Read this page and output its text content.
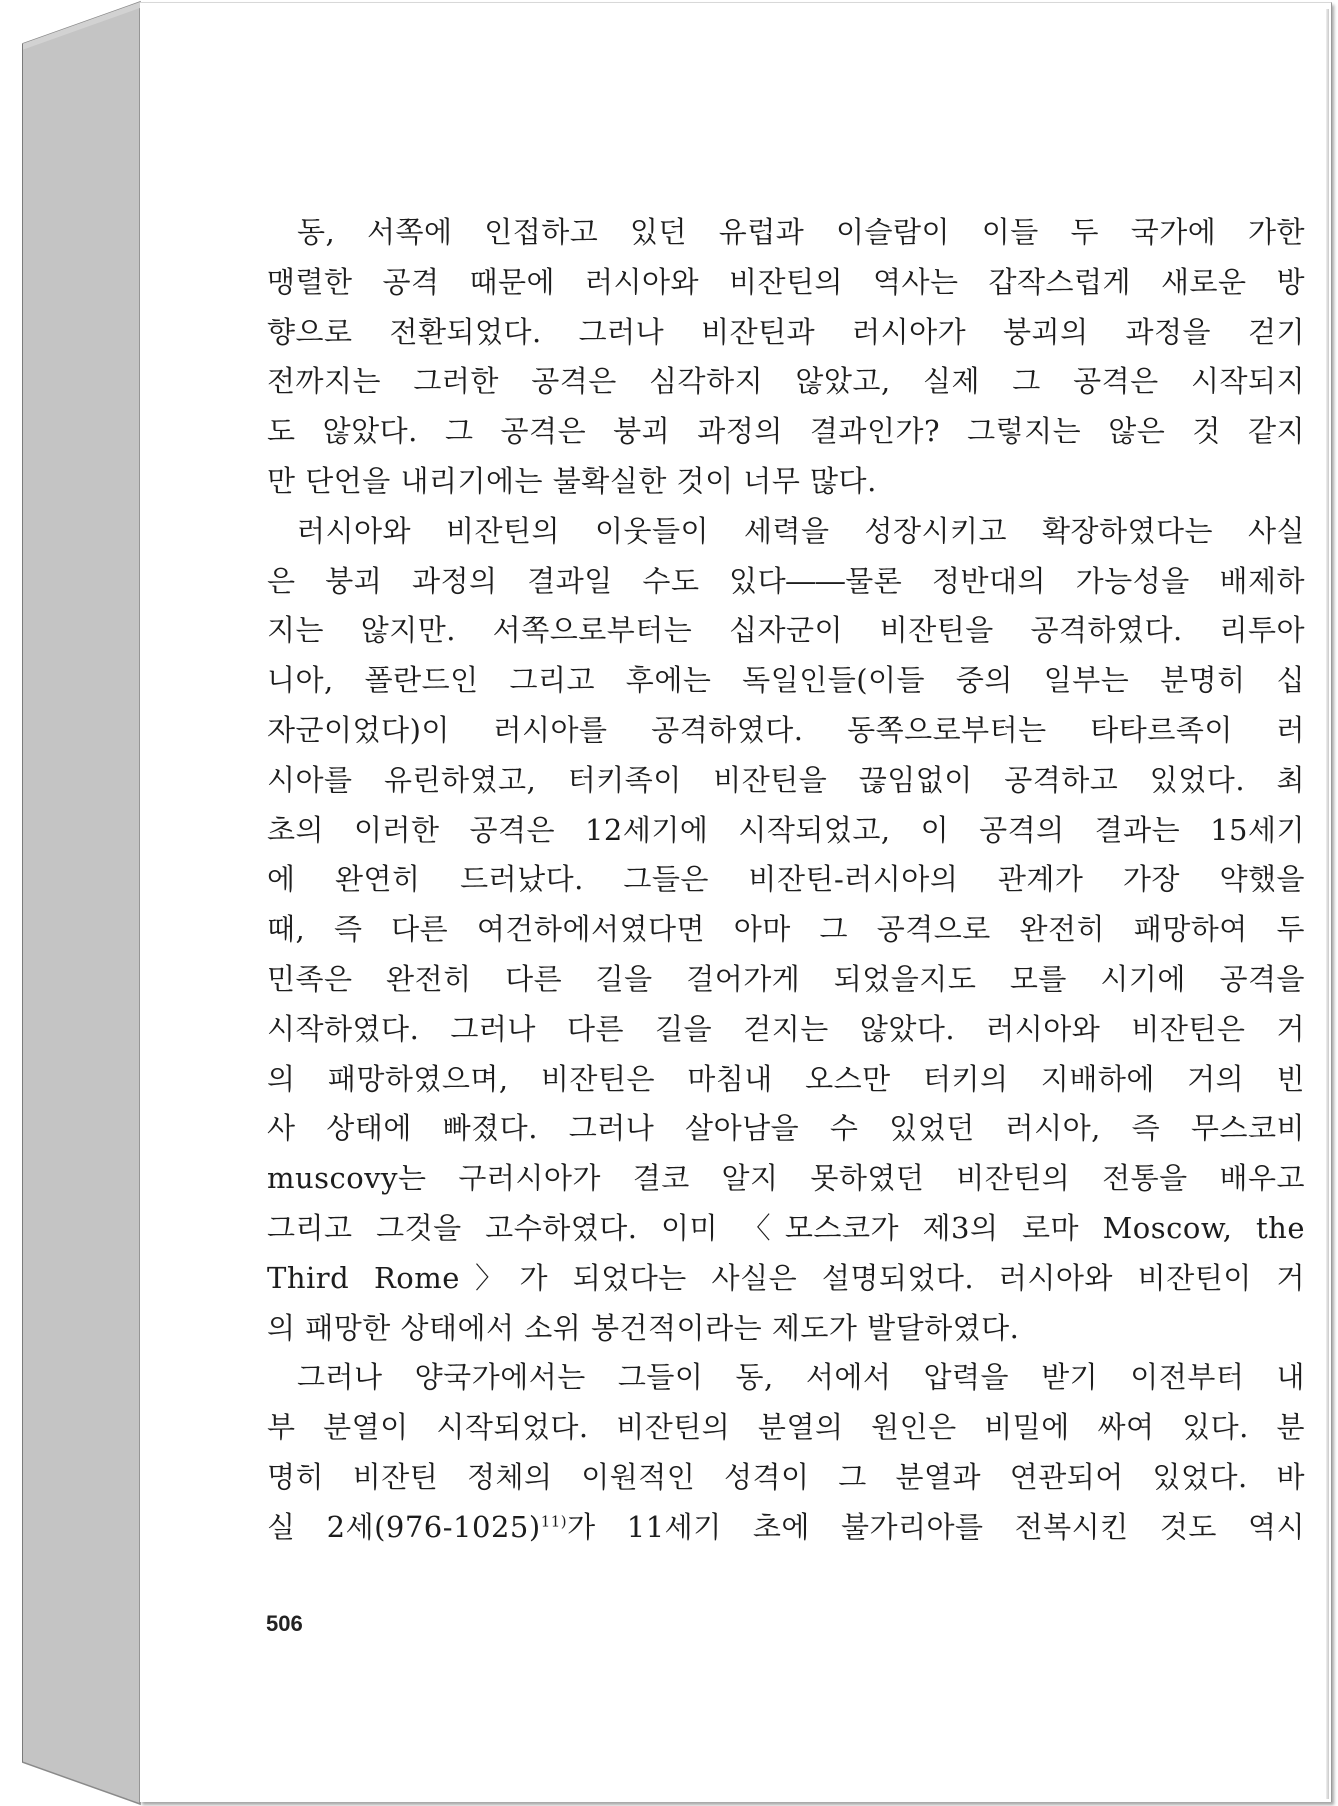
동, 서쪽에 인접하고 있던 유럽과 이슬람이 이들 두 국가에 가한
맹렬한 공격 때문에 러시아와 비잔틴의 역사는 갑작스럽게 새로운 방
향으로 전환되었다. 그러나 비잔틴과 러시아가 붕괴의 과정을 걷기
전까지는 그러한 공격은 심각하지 않았고, 실제 그 공격은 시작되지
도 않았다. 그 공격은 붕괴 과정의 결과인가? 그렇지는 않은 것 같지
만 단언을 내리기에는 불확실한 것이 너무 많다.
러시아와 비잔틴의 이웃들이 세력을 성장시키고 확장하였다는 사실
은 붕괴 과정의 결과일 수도 있다――물론 정반대의 가능성을 배제하
지는 않지만. 서쪽으로부터는 십자군이 비잔틴을 공격하였다. 리투아
니아, 폴란드인 그리고 후에는 독일인들(이들 중의 일부는 분명히 십
자군이었다)이 러시아를 공격하였다. 동쪽으로부터는 타타르족이 러
시아를 유린하였고, 터키족이 비잔틴을 끊임없이 공격하고 있었다. 최
초의 이러한 공격은 12세기에 시작되었고, 이 공격의 결과는 15세기
에 완연히 드러났다. 그들은 비잔틴-러시아의 관계가 가장 약했을
때, 즉 다른 여건하에서였다면 아마 그 공격으로 완전히 패망하여 두
민족은 완전히 다른 길을 걸어가게 되었을지도 모를 시기에 공격을
시작하였다. 그러나 다른 길을 걷지는 않았다. 러시아와 비잔틴은 거
의 패망하였으며, 비잔틴은 마침내 오스만 터키의 지배하에 거의 빈
사 상태에 빠졌다. 그러나 살아남을 수 있었던 러시아, 즉 무스코비
muscovy는 구러시아가 결코 알지 못하였던 비잔틴의 전통을 배우고
그리고 그것을 고수하였다. 이미 〈모스코가 제3의 로마 Moscow, the
Third Rome〉가 되었다는 사실은 설명되었다. 러시아와 비잔틴이 거
의 패망한 상태에서 소위 봉건적이라는 제도가 발달하였다.
그러나 양국가에서는 그들이 동, 서에서 압력을 받기 이전부터 내
부 분열이 시작되었다. 비잔틴의 분열의 원인은 비밀에 싸여 있다. 분
명히 비잔틴 정체의 이원적인 성격이 그 분열과 연관되어 있었다. 바
실 2세$(976-1025)^{11)}$가 11세기 초에 불가리아를 전복시킨 것도 역시
506
